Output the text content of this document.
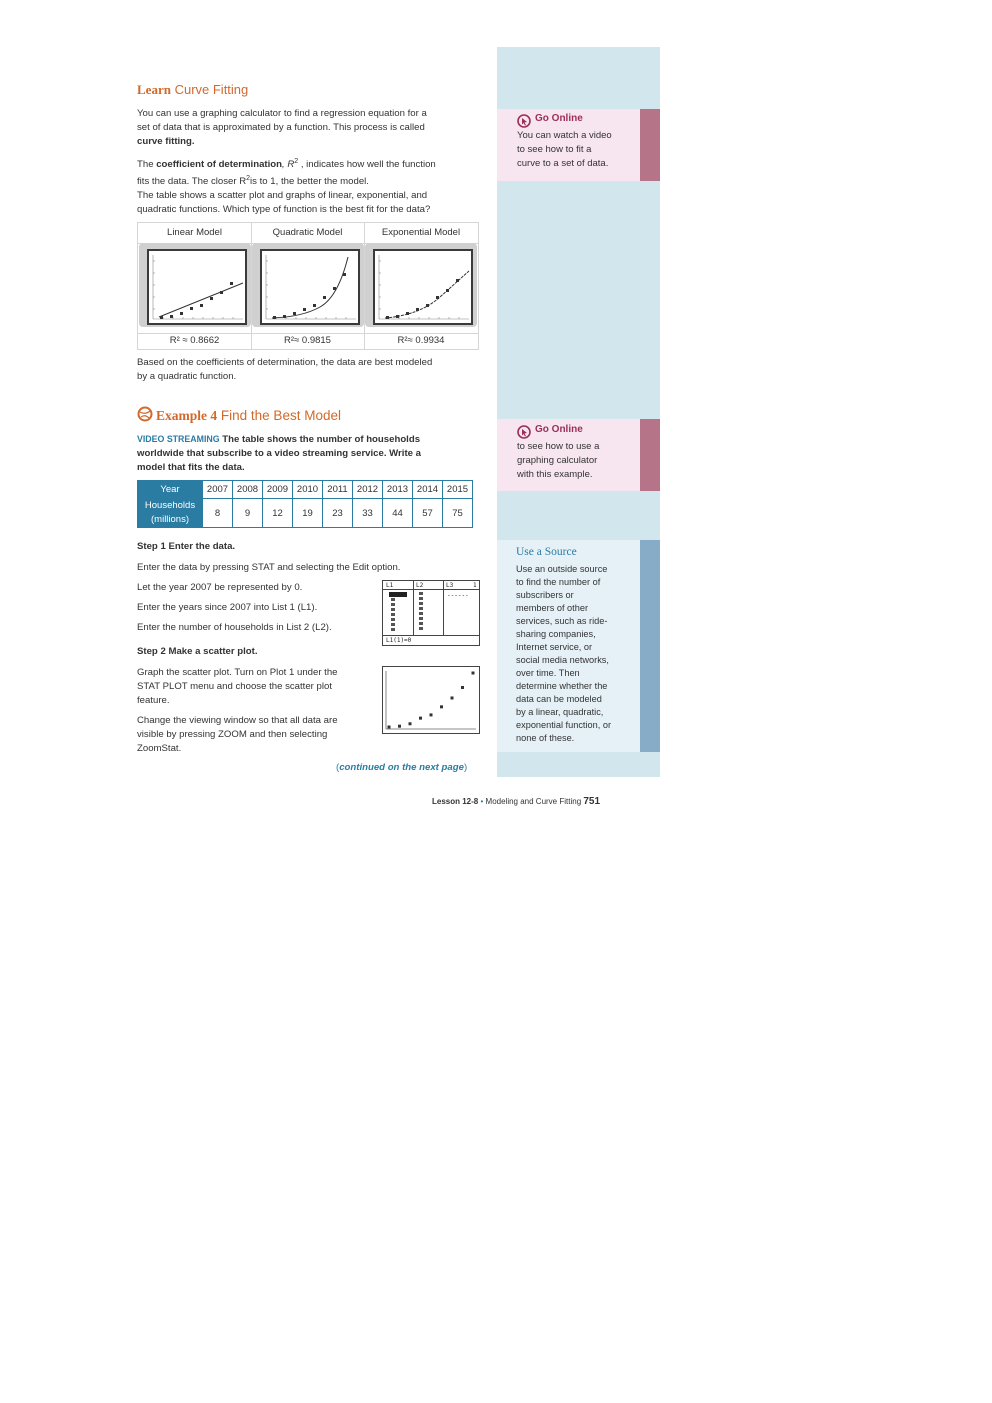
Go Online
You can watch a video
to see how to fit a
curve to a set of data.
Go Online
to see how to use a
graphing calculator
with this example.
Use a Source
Use an outside source
to find the number of
subscribers or
members of other
services, such as ride-
sharing companies,
Internet service, or
social media networks,
over time. Then
determine whether the
data can be modeled
by a linear, quadratic,
exponential function, or
none of these.
Learn Curve Fitting
You can use a graphing calculator to find a regression equation for a
set of data that is approximated by a function. This process is called
curve fitting.
The coefficient of determination, $R^2$ , indicates how well the function
fits the data. The closer $R^2is$ to 1, the better the model.
The table shows a scatter plot and graphs of linear, exponential, and
quadratic functions. Which type of function is the best fit for the data?
Linear Model	Quadratic Model	Exponential Model
R² ≈ 0.8662	R²≈ 0.9815	R²≈ 0.9934
Based on the coefficients of determination, the data are best modeled
by a quadratic function.
Example 4 Find the Best Model
VIDEO STREAMING The table shows the number of households
worldwide that subscribe to a video streaming service. Write a
model that fits the data.
Year	2007	2008	2009	2010	2011	2012	2013	2014	2015

Households
(millions)	8	9	12	19	23	33	44	57	75
Step 1 Enter the data.
Enter the data by pressing STAT and selecting the Edit option.
Let the year 2007 be represented by 0.
Enter the years since 2007 into List 1 (L1).
Enter the number of households in List 2 (L2).
L1	L2	L3	1
------
L1(1)=0
Step 2 Make a scatter plot.
Graph the scatter plot. Turn on Plot 1 under the
STAT PLOT menu and choose the scatter plot
feature.
Change the viewing window so that all data are
visible by pressing ZOOM and then selecting
ZoomStat.
(continued on the next page)
Lesson 12-8 • Modeling and Curve Fitting 751
